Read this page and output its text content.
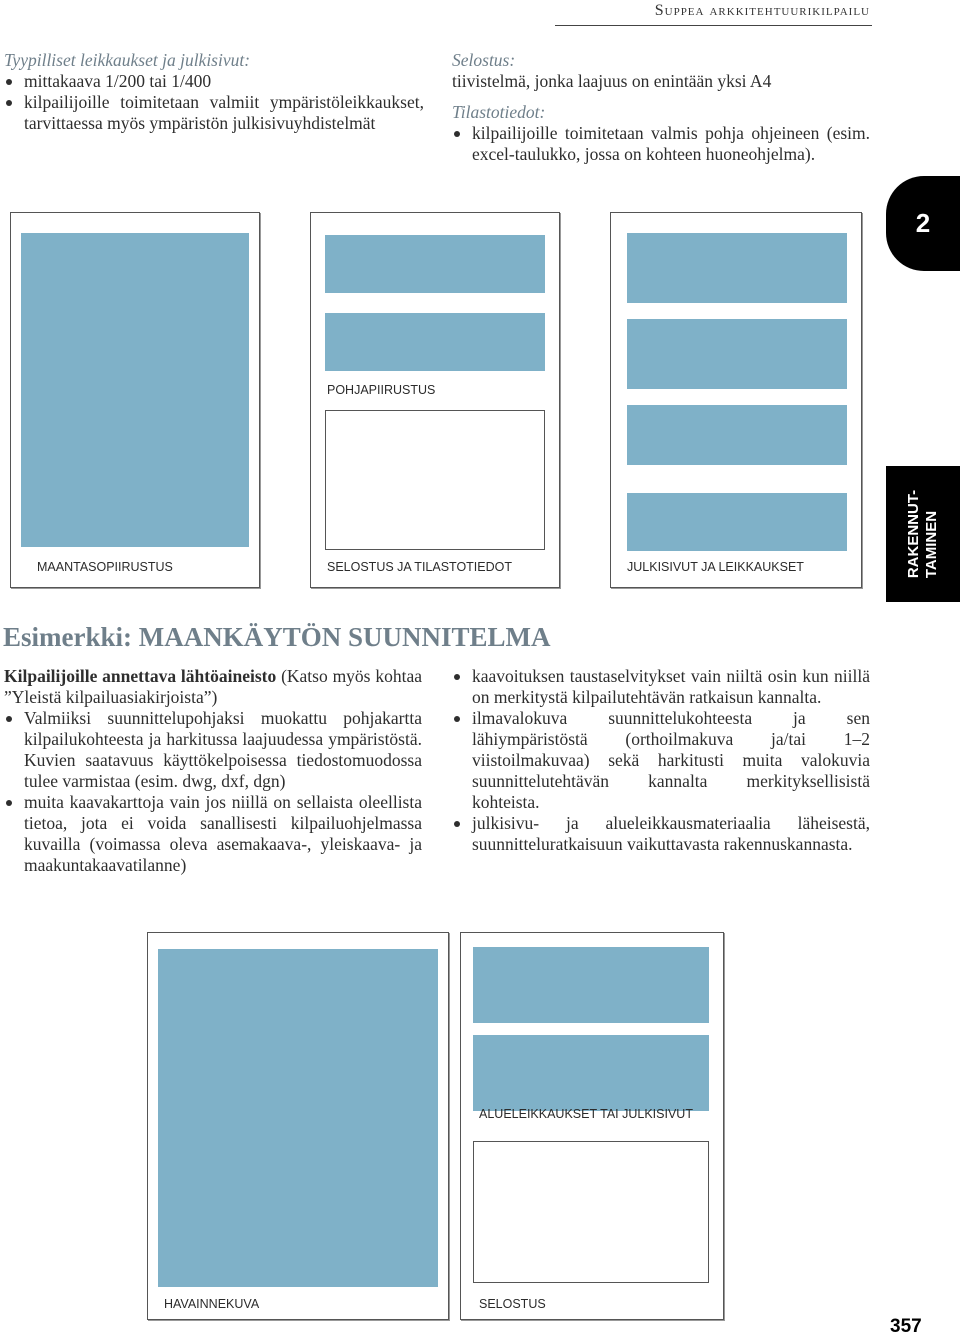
Suppea arkkitehtuurikilpailu
Tyypilliset leikkaukset ja julkisivut:
mittakaava 1/200 tai 1/400
kilpailijoille toimitetaan valmiit ympäristöleikkaukset, tarvittaessa myös ympäristön julkisivuyhdistelmät
Selostus:
tiivistelmä, jonka laajuus on enintään yksi A4
Tilastotiedot:
kilpailijoille toimitetaan valmis pohja ohjeineen (esim. excel-taulukko, jossa on kohteen huoneohjelma).
2
RAKENNUT- TAMINEN
MAANTASOPIIRUSTUS
POHJAPIIRUSTUS
SELOSTUS JA TILASTOTIEDOT	JULKISIVUT JA LEIKKAUKSET
Esimerkki: MAANKÄYTÖN SUUNNITELMA
Kilpailijoille annettava lähtöaineisto (Katso myös kohtaa ”Yleistä kilpailuasiakirjoista”)
Valmiiksi suunnittelupohjaksi muokattu pohjakartta kilpailukohteesta ja harkitussa laajuudessa ympäristöstä. Kuvien saatavuus käyttökelpoisessa tiedostomuodossa tulee varmistaa (esim. dwg, dxf, dgn)
muita kaavakarttoja vain jos niillä on sellaista oleellista tietoa, jota ei voida sanallisesti kilpailuohjelmassa kuvailla (voimassa oleva asemakaava-, yleiskaava- ja maakuntakaavatilanne)
kaavoituksen taustaselvitykset vain niiltä osin kun niillä on merkitystä kilpailutehtävän ratkaisun kannalta.
ilmavalokuva suunnittelukohteesta ja sen lähiympäristöstä (orthoilmakuva ja/tai 1–2 viistoilmakuvaa) sekä harkitusti muita valokuvia suunnittelutehtävän kannalta merkityksellisistä kohteista.
julkisivu- ja alueleikkausmateriaalia läheisestä, suunnitteluratkaisuun vaikuttavasta rakennuskannasta.
HAVAINNEKUVA
ALUELEIKKAUKSET TAI JULKISIVUT
SELOSTUS
357
